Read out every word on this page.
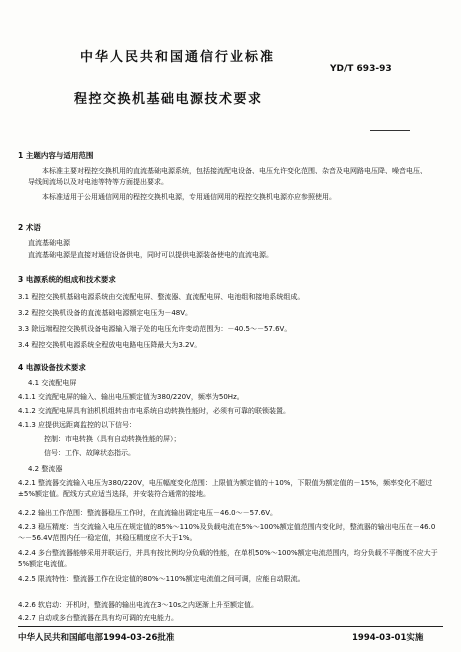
中华人民共和国通信行业标准
YD/T 693-93
程控交换机基础电源技术要求
1 主题内容与适用范围
本标准主要对程控交换机用的直流基础电源系统，包括接流配电设备、电压允许变化范围、杂音及电网路电压降、噪音电压、导线间流场以及对电池等特等方面提出要求。
本标准适用于公用通信网用的程控交换机电源，专用通信网用的程控交换机电源亦应参照使用。
2 术语
直流基础电源
直流基础电源是直接对通信设备供电，同时可以提供电源装备使电的直流电源。
3 电源系统的组成和技术要求
3.1 程控交换机基础电源系统由交流配电屏、整流器、直流配电屏、电池组和接地系统组成。
3.2 程控交换机设备的直流基础电源额定电压为－48V。
3.3 除远端程控交换机设备电源输入端子处的电压允许变动范围为：－40.5～－57.6V。
3.4 程控交换机电源系统全程放电电路电压降最大为3.2V。
4 电源设备技术要求
4.1 交流配电屏
4.1.1 交流配电屏的输入、输出电压额定值为380/220V，频率为50Hz。
4.1.2 交流配电屏具有油机机组转由市电系统自动转换性能时，必须有可靠的联锁装置。
4.1.3 应提供远距离监控的以下信号：
控制：市电转换（具有自动转换性能的屏）；
信号：工作、故障状态指示。
4.2 整流器
4.2.1 整流器交流输入电压为380/220V，电压幅度变化范围：上限值为额定值的＋10%，下限值为额定值的－15%，频率变化不超过±5%额定值。配线方式应适当选择，并安装符合通常的接地。
4.2.2 输出工作范围：整流器稳压工作时，在直流输出调定电压－46.0～－57.6V。
4.2.3 稳压精度：当交流输入电压在规定值的85%～110%及负载电流在5%～100%额定值范围内变化时，整流器的输出电压在－46.0～－56.4V范围内任一稳定值，其稳压精度应不大于1%。
4.2.4 多台整流器能够采用并联运行，并具有按比例均分负载的性能，在单机50%～100%额定电流范围内，均分负载不平衡度不应大于5%额定电流值。
4.2.5 限流特性：整流器工作在设定值的80%～110%额定电流值之间可调，应能自动限流。
4.2.6 软启动：开机时，整流器的输出电流在3～10s之内逐渐上升至额定值。
4.2.7 自动或多台整流器在具有均可调的充电能力。
中华人民共和国邮电部1994-03-26批准	1994-03-01实施
